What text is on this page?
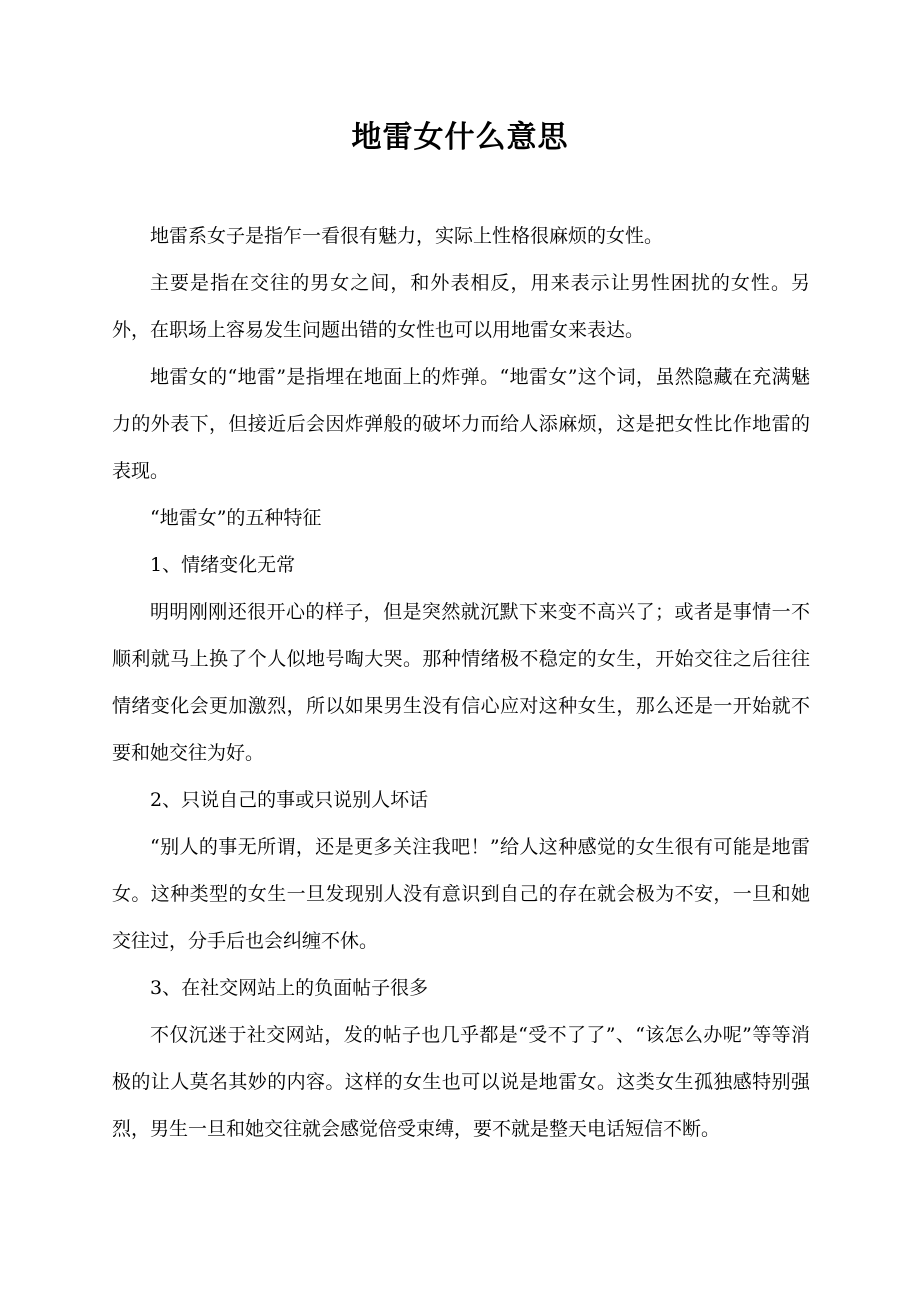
地雷女什么意思

地雷系女子是指乍一看很有魅力，实际上性格很麻烦的女性。

主要是指在交往的男女之间，和外表相反，用来表示让男性困扰的女性。另外，在职场上容易发生问题出错的女性也可以用地雷女来表达。

地雷女的“地雷”是指埋在地面上的炸弹。“地雷女”这个词，虽然隐藏在充满魅力的外表下，但接近后会因炸弹般的破坏力而给人添麻烦，这是把女性比作地雷的表现。

“地雷女”的五种特征

1、情绪变化无常

明明刚刚还很开心的样子，但是突然就沉默下来变不高兴了；或者是事情一不顺利就马上换了个人似地号啕大哭。那种情绪极不稳定的女生，开始交往之后往往情绪变化会更加激烈，所以如果男生没有信心应对这种女生，那么还是一开始就不要和她交往为好。

2、只说自己的事或只说别人坏话

“别人的事无所谓，还是更多关注我吧！”给人这种感觉的女生很有可能是地雷女。这种类型的女生一旦发现别人没有意识到自己的存在就会极为不安，一旦和她交往过，分手后也会纠缠不休。

3、在社交网站上的负面帖子很多

不仅沉迷于社交网站，发的帖子也几乎都是“受不了了”、“该怎么办呢”等等消极的让人莫名其妙的内容。这样的女生也可以说是地雷女。这类女生孤独感特别强烈，男生一旦和她交往就会感觉倍受束缚，要不就是整天电话短信不断。
